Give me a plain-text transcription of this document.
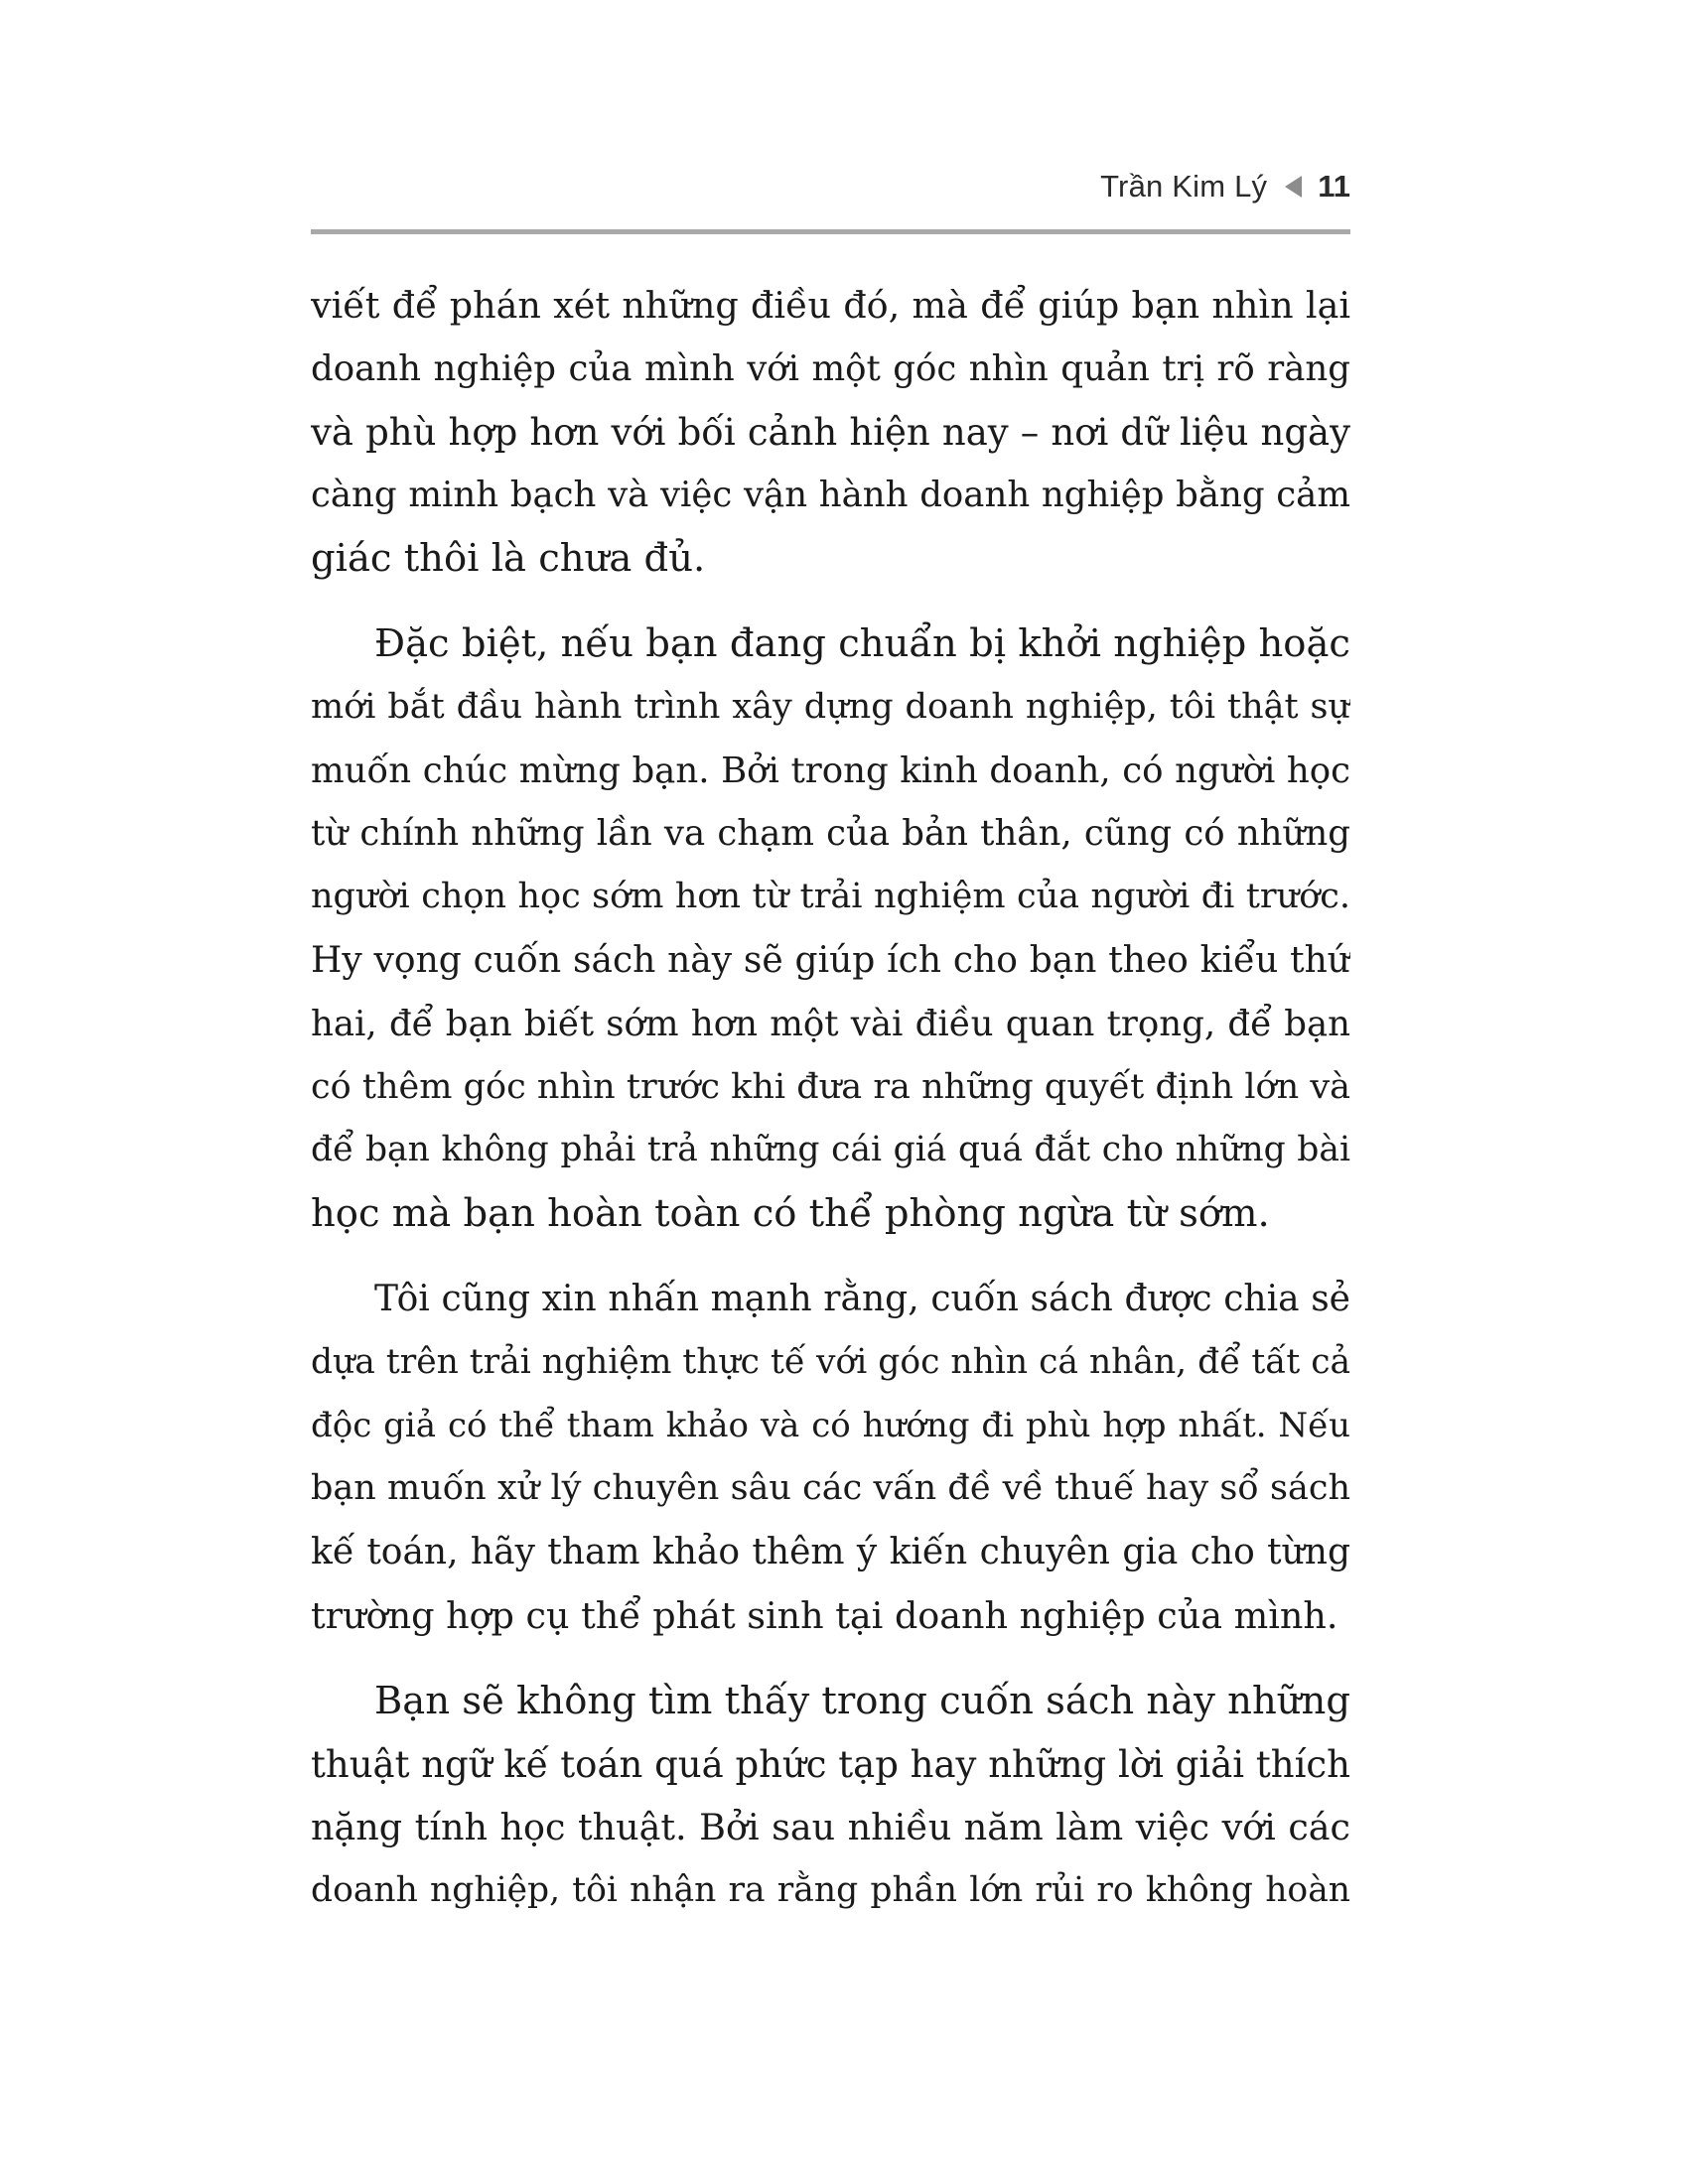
Trần Kim Lý 11
viết để phán xét những điều đó, mà để giúp bạn nhìn lại
doanh nghiệp của mình với một góc nhìn quản trị rõ ràng
và phù hợp hơn với bối cảnh hiện nay – nơi dữ liệu ngày
càng minh bạch và việc vận hành doanh nghiệp bằng cảm
giác thôi là chưa đủ.
Đặc biệt, nếu bạn đang chuẩn bị khởi nghiệp hoặc
mới bắt đầu hành trình xây dựng doanh nghiệp, tôi thật sự
muốn chúc mừng bạn. Bởi trong kinh doanh, có người học
từ chính những lần va chạm của bản thân, cũng có những
người chọn học sớm hơn từ trải nghiệm của người đi trước.
Hy vọng cuốn sách này sẽ giúp ích cho bạn theo kiểu thứ
hai, để bạn biết sớm hơn một vài điều quan trọng, để bạn
có thêm góc nhìn trước khi đưa ra những quyết định lớn và
để bạn không phải trả những cái giá quá đắt cho những bài
học mà bạn hoàn toàn có thể phòng ngừa từ sớm.
Tôi cũng xin nhấn mạnh rằng, cuốn sách được chia sẻ
dựa trên trải nghiệm thực tế với góc nhìn cá nhân, để tất cả
độc giả có thể tham khảo và có hướng đi phù hợp nhất. Nếu
bạn muốn xử lý chuyên sâu các vấn đề về thuế hay sổ sách
kế toán, hãy tham khảo thêm ý kiến chuyên gia cho từng
trường hợp cụ thể phát sinh tại doanh nghiệp của mình.
Bạn sẽ không tìm thấy trong cuốn sách này những
thuật ngữ kế toán quá phức tạp hay những lời giải thích
nặng tính học thuật. Bởi sau nhiều năm làm việc với các
doanh nghiệp, tôi nhận ra rằng phần lớn rủi ro không hoàn
